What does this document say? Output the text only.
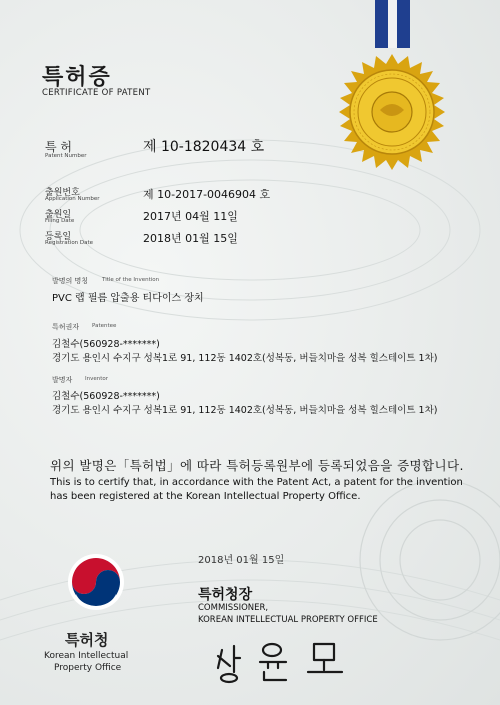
특허증
CERTIFICATE OF PATENT
특 허
Patent Number
제 10-1820434 호
출원번호
Application Number	제 10-2017-0046904 호
출원일
Filing Date	2017년 04월 11일
등록일
Registration Date	2018년 01월 15일
발명의 명칭	Title of the Invention
PVC 랩 필름 압출용 티다이스 장치
특허권자 Patentee
김철수(560928-*******)
경기도 용인시 수지구 성복1로 91, 112동 1402호(성복동, 버들치마을 성복 힐스테이트 1차)
발명자 Inventor
김철수(560928-*******)
경기도 용인시 수지구 성복1로 91, 112동 1402호(성복동, 버들치마을 성복 힐스테이트 1차)
위의 발명은「특허법」에 따라 특허등록원부에 등록되었음을 증명합니다.
This is to certify that, in accordance with the Patent Act, a patent for the invention
has been registered at the Korean Intellectual Property Office.
2018년 01월 15일
특허청장
COMMISSIONER,
KOREAN INTELLECTUAL PROPERTY OFFICE
특허청
Korean Intellectual
Property Office
